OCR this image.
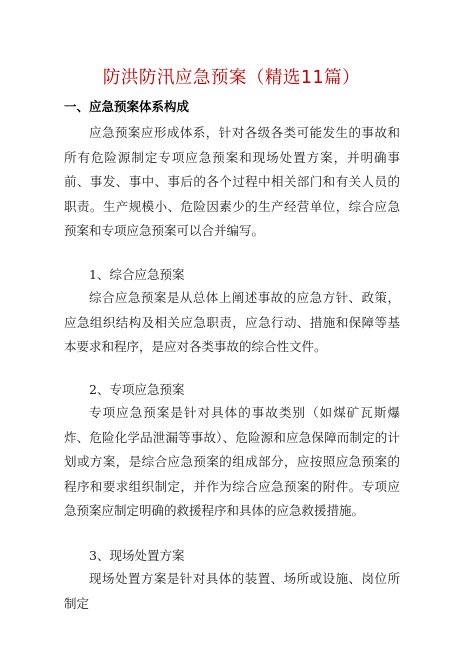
防洪防汛应急预案（精选11篇）
一、应急预案体系构成

应急预案应形成体系，针对各级各类可能发生的事故和所有危险源制定专项应急预案和现场处置方案，并明确事前、事发、事中、事后的各个过程中相关部门和有关人员的职责。生产规模小、危险因素少的生产经营单位，综合应急预案和专项应急预案可以合并编写。

1、综合应急预案

综合应急预案是从总体上阐述事故的应急方针、政策，应急组织结构及相关应急职责，应急行动、措施和保障等基本要求和程序，是应对各类事故的综合性文件。

2、专项应急预案

专项应急预案是针对具体的事故类别（如煤矿瓦斯爆炸、危险化学品泄漏等事故）、危险源和应急保障而制定的计划或方案，是综合应急预案的组成部分，应按照应急预案的程序和要求组织制定，并作为综合应急预案的附件。专项应急预案应制定明确的救援程序和具体的应急救援措施。

3、现场处置方案

现场处置方案是针对具体的装置、场所或设施、岗位所制定
